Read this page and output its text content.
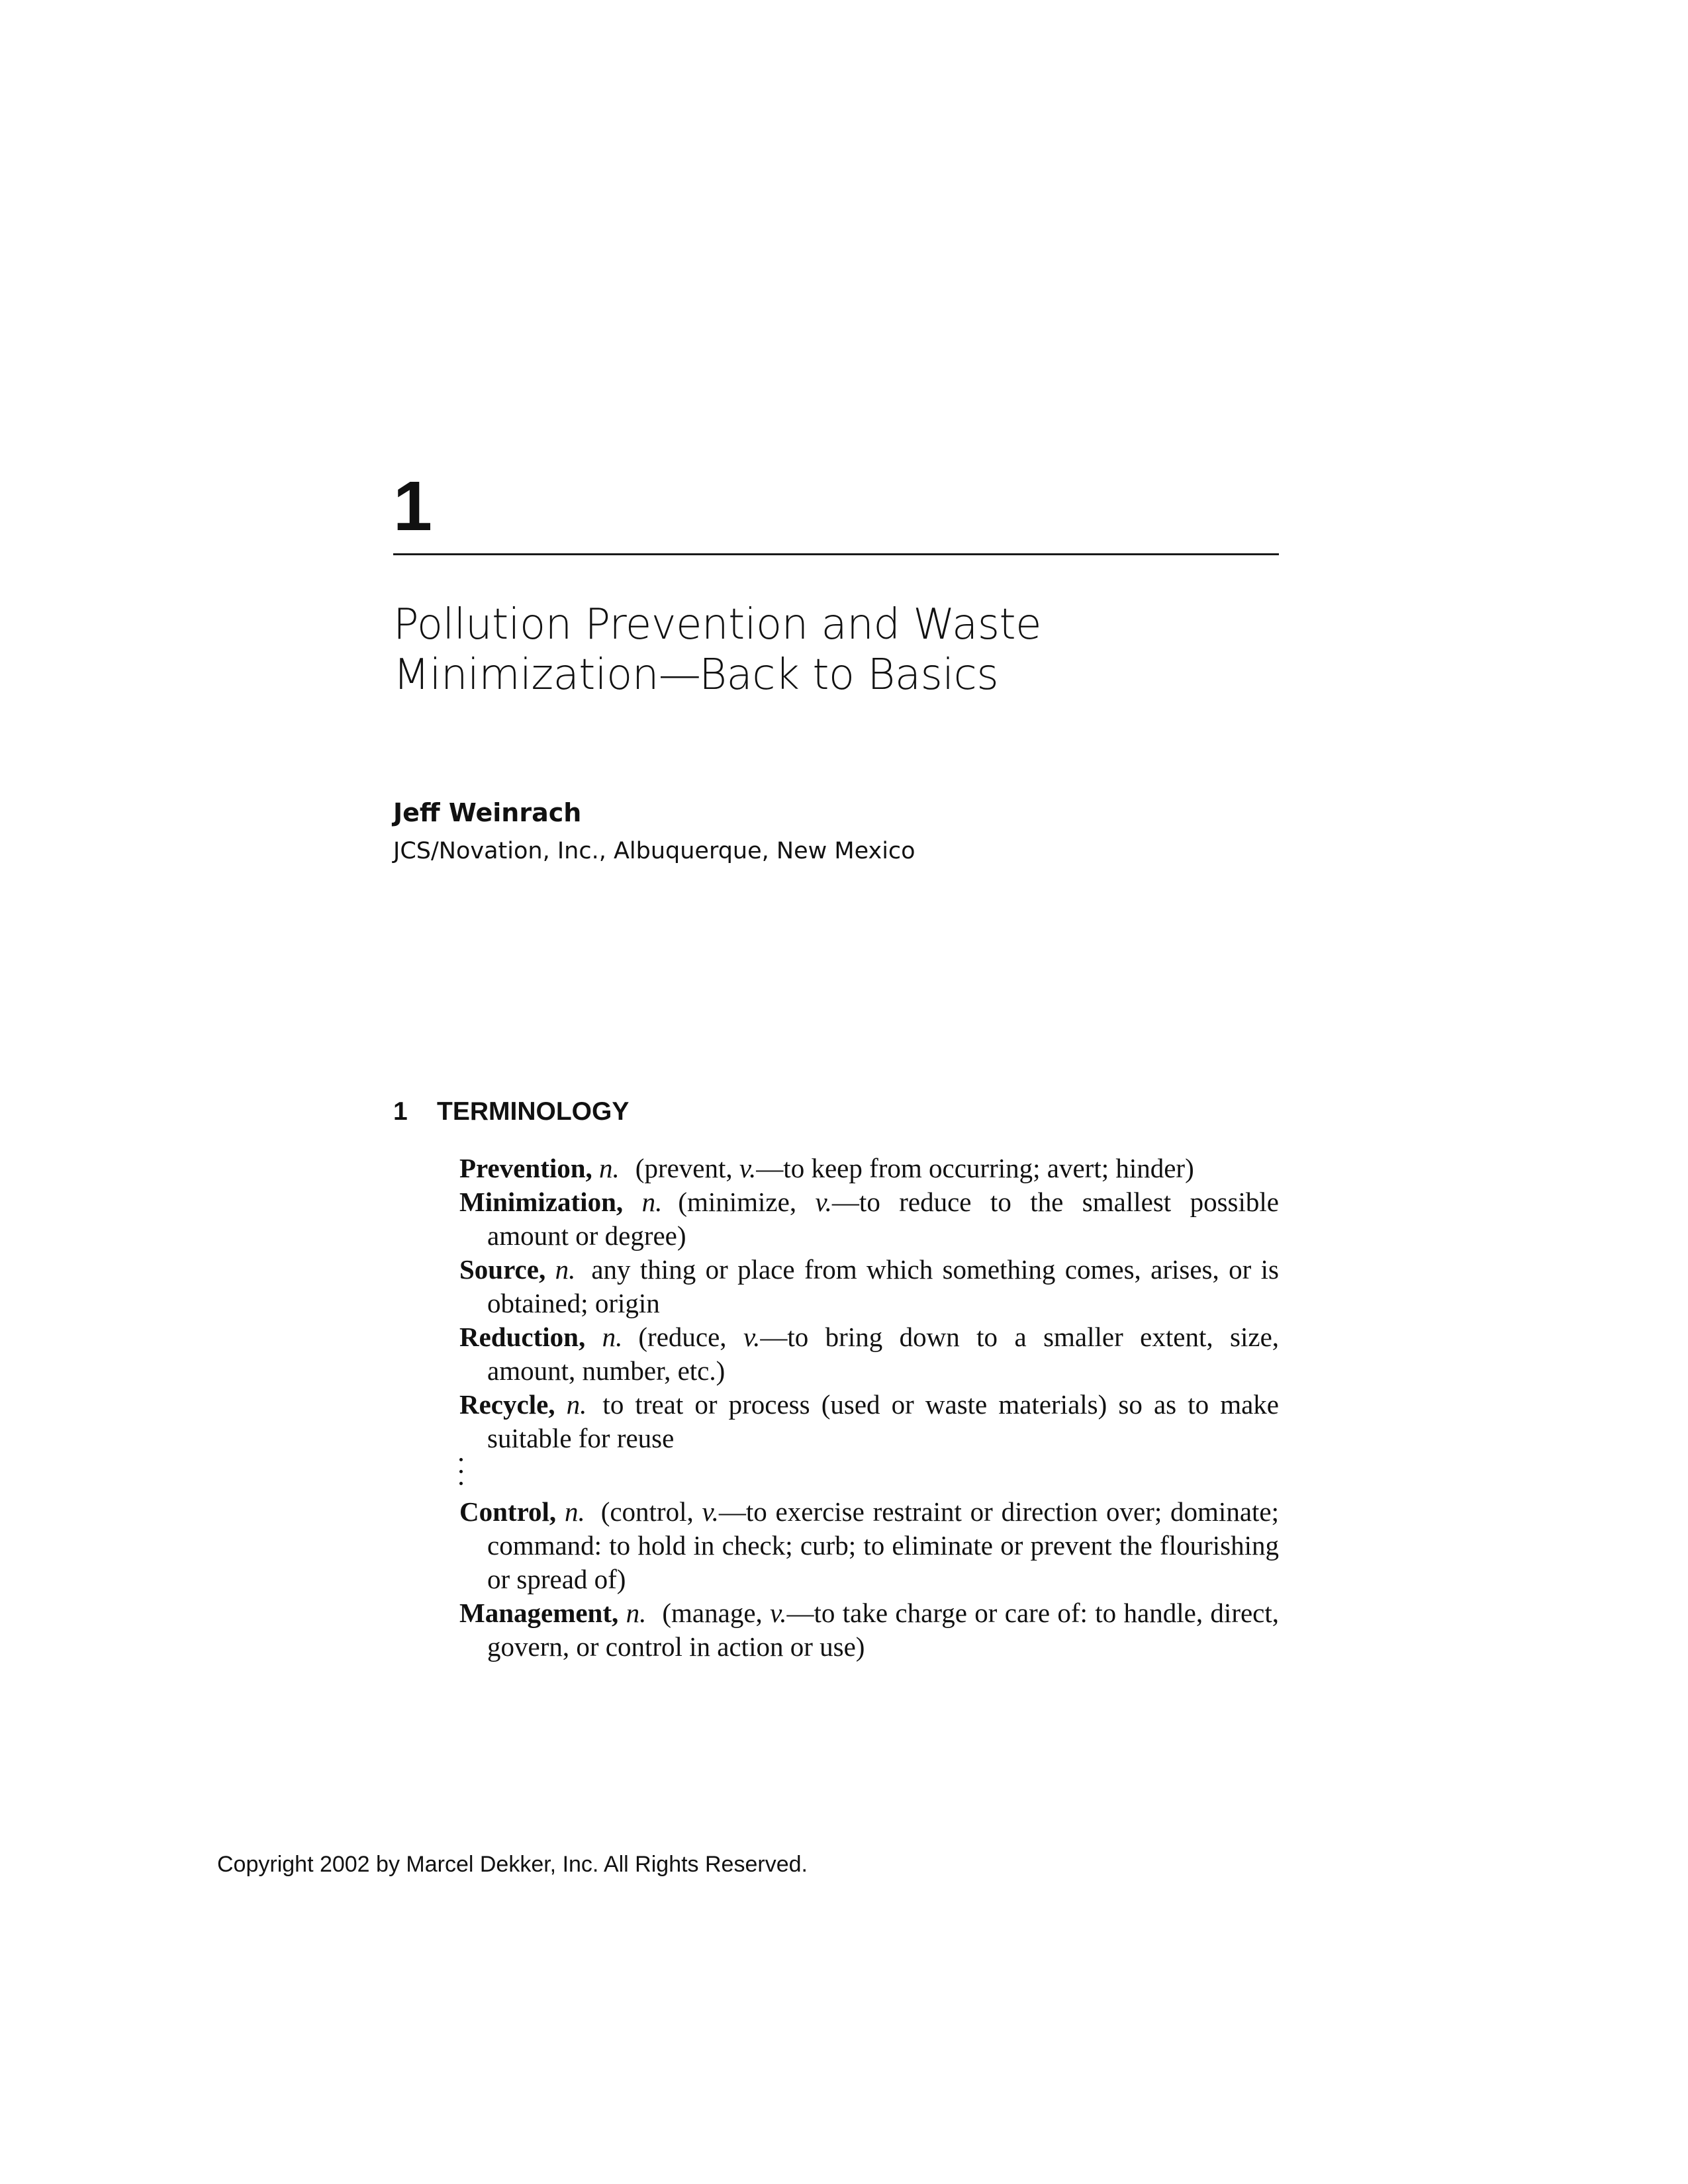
1
Pollution Prevention and Waste
Minimization—Back to Basics

Jeff Weinrach

JCS/Novation, Inc., Albuquerque, New Mexico

1 TERMINOLOGY
Prevention, n. (prevent, v.—to keep from occurring; avert; hinder)
Minimization, n. (minimize, v.—to reduce to the smallest possible amount or degree)
Source, n. any thing or place from which something comes, arises, or is obtained; origin
Reduction, n. (reduce, v.—to bring down to a smaller extent, size, amount, number, etc.)
Recycle, n. to treat or process (used or waste materials) so as to make suitable for reuse
Control, n. (control, v.—to exercise restraint or direction over; dominate; command: to hold in check; curb; to eliminate or prevent the flourishing or spread of)
Management, n. (manage, v.—to take charge or care of: to handle, direct, govern, or control in action or use)

Copyright 2002 by Marcel Dekker, Inc. All Rights Reserved.
